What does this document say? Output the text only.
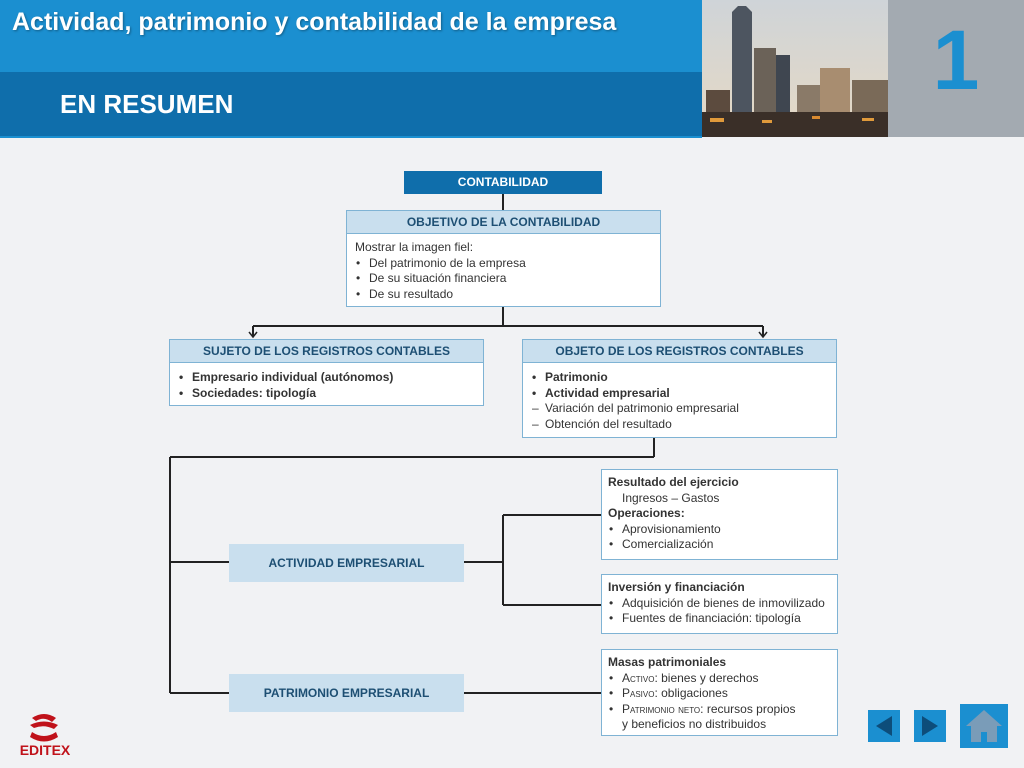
Actividad, patrimonio y contabilidad de la empresa
EN RESUMEN	1
CONTABILIDAD
OBJETIVO DE LA CONTABILIDAD
Mostrar la imagen fiel:
• Del patrimonio de la empresa
• De su situación financiera
• De su resultado
SUJETO DE LOS REGISTROS CONTABLES
• Empresario individual (autónomos)
• Sociedades: tipología
OBJETO DE LOS REGISTROS CONTABLES
• Patrimonio
• Actividad empresarial
– Variación del patrimonio empresarial
– Obtención del resultado
ACTIVIDAD EMPRESARIAL
PATRIMONIO EMPRESARIAL
Resultado del ejercicio
Ingresos – Gastos
Operaciones:
• Aprovisionamiento
• Comercialización
Inversión y financiación
• Adquisición de bienes de inmovilizado
• Fuentes de financiación: tipología
Masas patrimoniales
• Activo: bienes y derechos
• Pasivo: obligaciones
• Patrimonio neto: recursos propios
y beneficios no distribuidos
EDITEX
